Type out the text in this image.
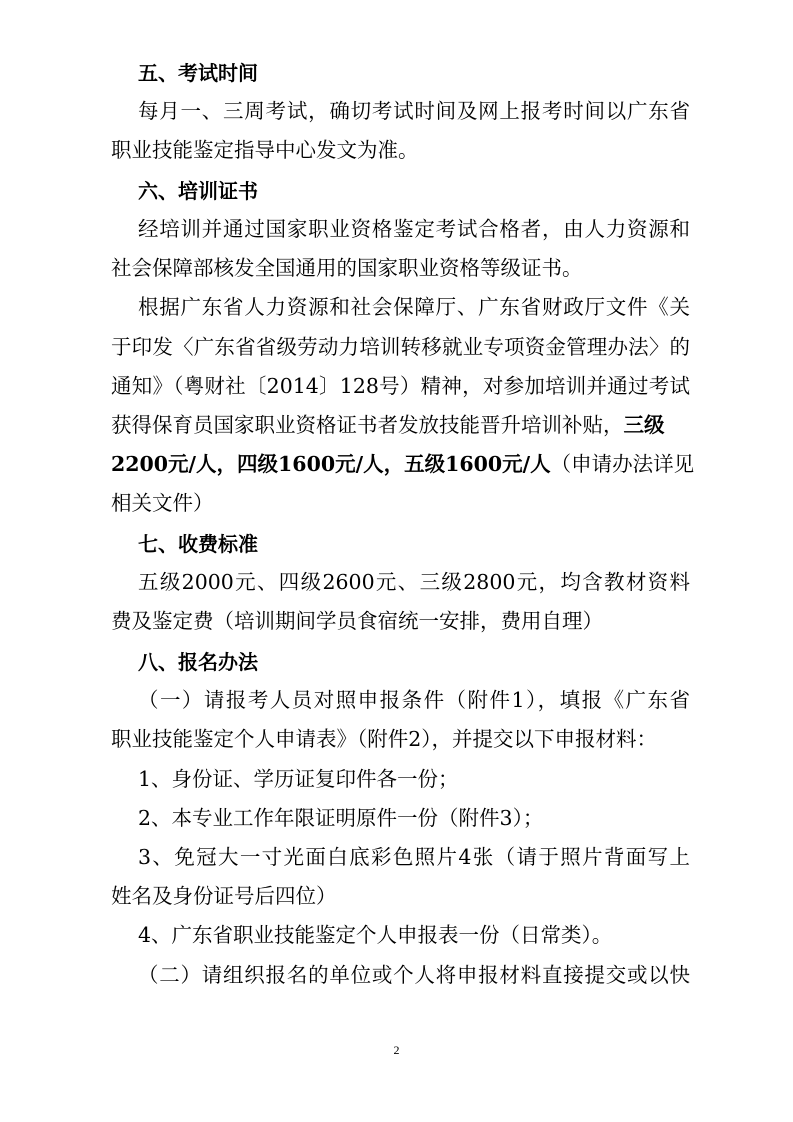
五、考试时间
每月一、三周考试，确切考试时间及网上报考时间以广东省
职业技能鉴定指导中心发文为准。
六、培训证书
经培训并通过国家职业资格鉴定考试合格者，由人力资源和
社会保障部核发全国通用的国家职业资格等级证书。
根据广东省人力资源和社会保障厅、广东省财政厅文件《关
于印发〈广东省省级劳动力培训转移就业专项资金管理办法〉的
通知》（粤财社〔2014〕128号）精神，对参加培训并通过考试
获得保育员国家职业资格证书者发放技能晋升培训补贴，三级
2200元/人，四级1600元/人，五级1600元/人（申请办法详见
相关文件）
七、收费标准
五级2000元、四级2600元、三级2800元，均含教材资料
费及鉴定费（培训期间学员食宿统一安排，费用自理）
八、报名办法
（一）请报考人员对照申报条件（附件1），填报《广东省
职业技能鉴定个人申请表》（附件2），并提交以下申报材料：
1、身份证、学历证复印件各一份；
2、本专业工作年限证明原件一份（附件3）；
3、免冠大一寸光面白底彩色照片4张（请于照片背面写上
姓名及身份证号后四位）
4、广东省职业技能鉴定个人申报表一份（日常类）。
（二）请组织报名的单位或个人将申报材料直接提交或以快
2
